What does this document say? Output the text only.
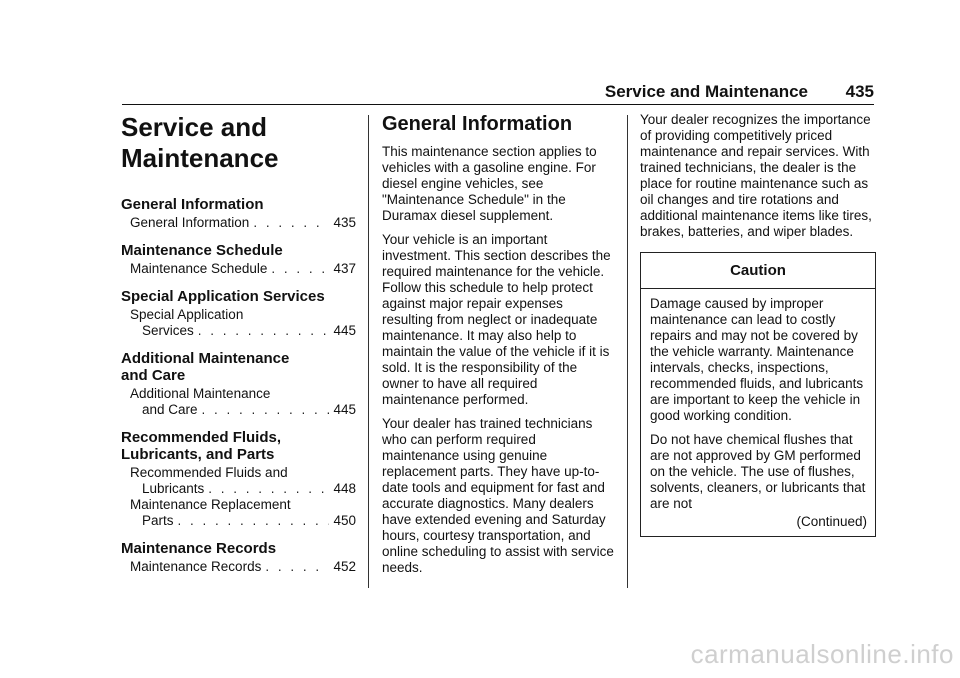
Service and Maintenance 435
Service and
Maintenance
General Information
General Information . . .	435
Maintenance Schedule
Maintenance Schedule . . .	437
Special Application Services
Special Application
Services . . .	445
Additional Maintenance
and Care
Additional Maintenance
and Care . . .	445
Recommended Fluids,
Lubricants, and Parts
Recommended Fluids and
Lubricants . . .	448
Maintenance Replacement
Parts . . .	450
Maintenance Records
Maintenance Records . . .	452
General Information

This maintenance section applies to vehicles with a gasoline engine. For diesel engine vehicles, see "Maintenance Schedule" in the Duramax diesel supplement.

Your vehicle is an important investment. This section describes the required maintenance for the vehicle. Follow this schedule to help protect against major repair expenses resulting from neglect or inadequate maintenance. It may also help to maintain the value of the vehicle if it is sold. It is the responsibility of the owner to have all required maintenance performed.

Your dealer has trained technicians who can perform required maintenance using genuine replacement parts. They have up-to-date tools and equipment for fast and accurate diagnostics. Many dealers have extended evening and Saturday hours, courtesy transportation, and online scheduling to assist with service needs.

Your dealer recognizes the importance of providing competitively priced maintenance and repair services. With trained technicians, the dealer is the place for routine maintenance such as oil changes and tire rotations and additional maintenance items like tires, brakes, batteries, and wiper blades.

Caution

Damage caused by improper maintenance can lead to costly repairs and may not be covered by the vehicle warranty. Maintenance intervals, checks, inspections, recommended fluids, and lubricants are important to keep the vehicle in good working condition.

Do not have chemical flushes that are not approved by GM performed on the vehicle. The use of flushes, solvents, cleaners, or lubricants that are not

(Continued)
carmanualsonline.info
